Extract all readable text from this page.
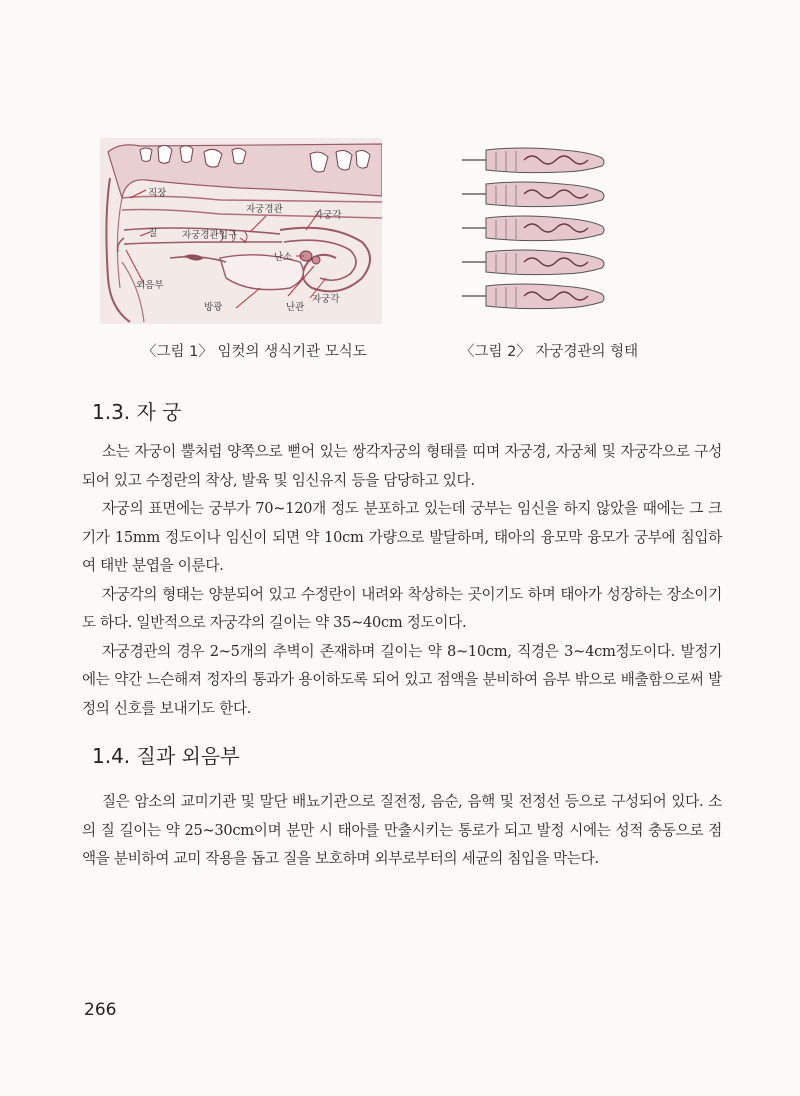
직장
자궁경관
자궁각
질	자궁경관입구
난소
외음부
난관
자궁각
방광
〈그림 1〉 임컷의 생식기관 모식도	〈그림 2〉 자궁경관의 형태
1.3. 자 궁

소는 자궁이 뿔처럼 양쪽으로 뻗어 있는 쌍각자궁의 형태를 띠며 자궁경, 자궁체 및 자궁각으로 구성되어 있고 수정란의 착상, 발육 및 임신유지 등을 담당하고 있다.

자궁의 표면에는 궁부가 70~120개 정도 분포하고 있는데 궁부는 임신을 하지 않았을 때에는 그 크기가 15mm 정도이나 임신이 되면 약 10cm 가량으로 발달하며, 태아의 융모막 융모가 궁부에 침입하여 태반 분엽을 이룬다.

자궁각의 형태는 양분되어 있고 수정란이 내려와 착상하는 곳이기도 하며 태아가 성장하는 장소이기도 하다. 일반적으로 자궁각의 길이는 약 35~40cm 정도이다.

자궁경관의 경우 2~5개의 추벽이 존재하며 길이는 약 8~10cm, 직경은 3~4cm정도이다. 발정기에는 약간 느슨해져 정자의 통과가 용이하도록 되어 있고 점액을 분비하여 음부 밖으로 배출함으로써 발정의 신호를 보내기도 한다.

1.4. 질과 외음부

질은 암소의 교미기관 및 말단 배뇨기관으로 질전정, 음순, 음핵 및 전정선 등으로 구성되어 있다. 소의 질 길이는 약 25~30cm이며 분만 시 태아를 만출시키는 통로가 되고 발정 시에는 성적 충동으로 점액을 분비하여 교미 작용을 돕고 질을 보호하며 외부로부터의 세균의 침입을 막는다.

266
